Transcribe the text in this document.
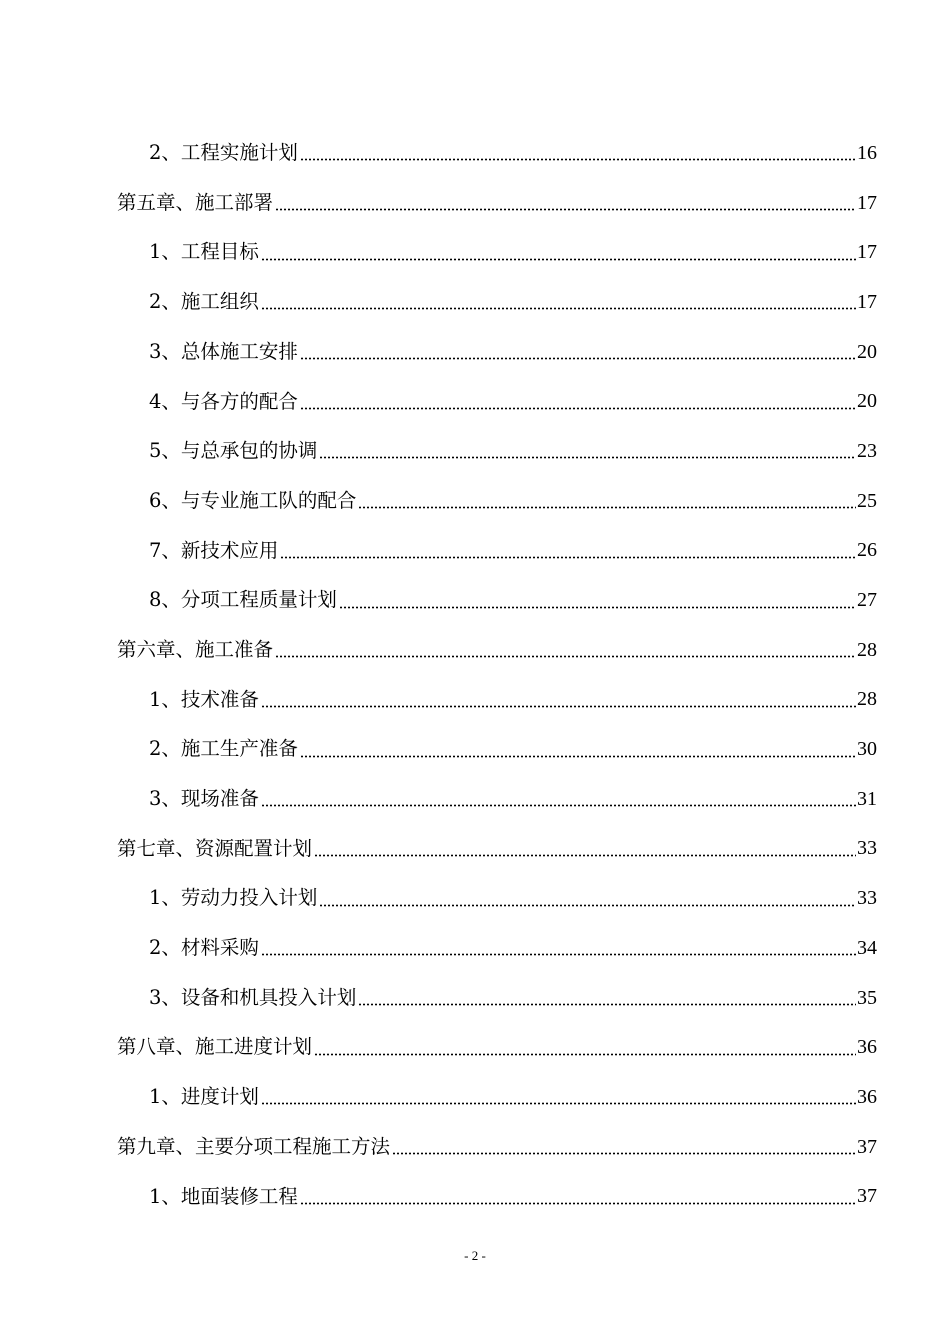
2、工程实施计划	16
第五章、施工部署	17
1、工程目标	17
2、施工组织	17
3、总体施工安排	20
4、与各方的配合	20
5、与总承包的协调	23
6、与专业施工队的配合	25
7、新技术应用	26
8、分项工程质量计划	27
第六章、施工准备	28
1、技术准备	28
2、施工生产准备	30
3、现场准备	31
第七章、资源配置计划	33
1、劳动力投入计划	33
2、材料采购	34
3、设备和机具投入计划	35
第八章、施工进度计划	36
1、进度计划	36
第九章、主要分项工程施工方法	37
1、地面装修工程	37
- 2 -
